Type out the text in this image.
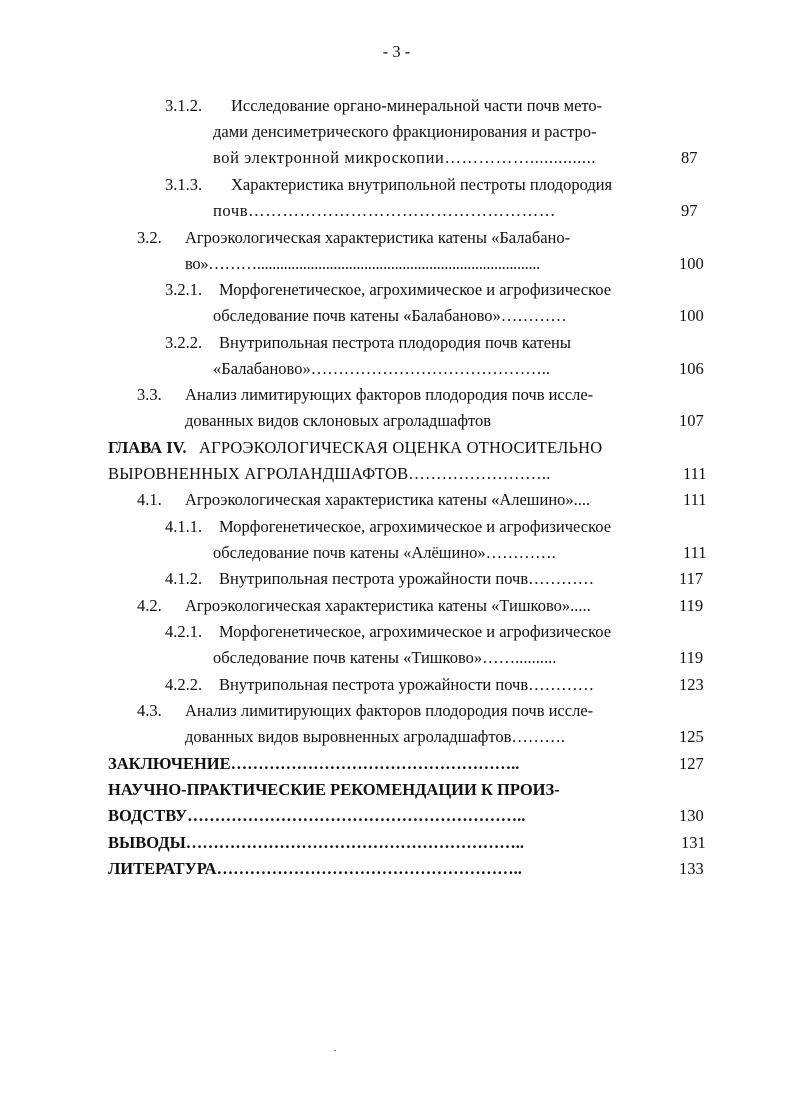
- 3 -
3.1.2. Исследование органо-минеральной части почв мето-
дами денсиметрического фракционирования и растро-
вой электронной микроскопии……………..............	87
3.1.3. Характеристика внутрипольной пестроты плодородия
почв………………………………………………	97
3.2. Агроэкологическая характеристика катены «Балабано-
во»………..........................................................................	100
3.2.1. Морфогенетическое, агрохимическое и агрофизическое
обследование почв катены «Балабаново»…………	100
3.2.2. Внутрипольная пестрота плодородия почв катены
«Балабаново»……………………………………..	106
3.3. Анализ лимитирующих факторов плодородия почв иссле-
дованных видов склоновых агроладшафтов	107
ГЛАВА IV. АГРОЭКОЛОГИЧЕСКАЯ ОЦЕНКА ОТНОСИТЕЛЬНО
ВЫРОВНЕННЫХ АГРОЛАНДШАФТОВ……………………..	111
4.1. Агроэкологическая характеристика катены «Алешино»....	111
4.1.1. Морфогенетическое, агрохимическое и агрофизическое
обследование почв катены «Алёшино»………….	111
4.1.2. Внутрипольная пестрота урожайности почв…………	117
4.2. Агроэкологическая характеристика катены «Тишково».....	119
4.2.1. Морфогенетическое, агрохимическое и агрофизическое
обследование почв катены «Тишково»……..........	119
4.2.2. Внутрипольная пестрота урожайности почв…………	123
4.3. Анализ лимитирующих факторов плодородия почв иссле-
дованных видов выровненных агроладшафтов……….	125
ЗАКЛЮЧЕНИЕ……………………………………………..	127
НАУЧНО-ПРАКТИЧЕСКИЕ РЕКОМЕНДАЦИИ К ПРОИЗ-
ВОДСТВУ……………………………………………………..	130
ВЫВОДЫ……………………………………………………..	131
ЛИТЕРАТУРА………………………………………………..	133
